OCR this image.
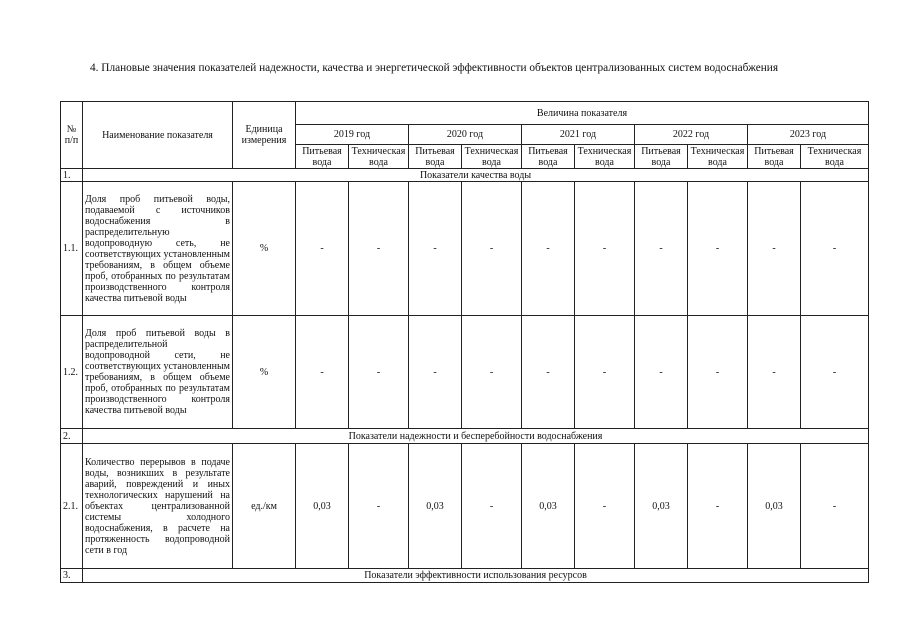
4. Плановые значения показателей надежности, качества и энергетической эффективности объектов централизованных систем водоснабжения

№ п/п	Наименование показателя	Единица измерения	Величина показателя									
			2019 год		2020 год		2021 год		2022 год		2023 год	
			Питьевая вода	Техническая вода	Питьевая вода	Техническая вода	Питьевая вода	Техническая вода	Питьевая вода	Техническая вода	Питьевая вода	Техническая вода
1.	Показатели качества воды											
1.1.	Доля проб питьевой воды, подаваемой с источников водоснабжения в распределительную водопроводную сеть, не соответствующих установленным требованиям, в общем объеме проб, отобранных по результатам производственного контроля качества питьевой воды	%	-	-	-	-	-	-	-	-	-	-
1.2.	Доля проб питьевой воды в распределительной водопроводной сети, не соответствующих установленным требованиям, в общем объеме проб, отобранных по результатам производственного контроля качества питьевой воды	%	-	-	-	-	-	-	-	-	-	-
2.	Показатели надежности и бесперебойности водоснабжения											
2.1.	Количество перерывов в подаче воды, возникших в результате аварий, повреждений и иных технологических нарушений на объектах централизованной системы холодного водоснабжения, в расчете на протяженность водопроводной сети в год	ед./км	0,03	-	0,03	-	0,03	-	0,03	-	0,03	-
3.	Показатели эффективности использования ресурсов											
